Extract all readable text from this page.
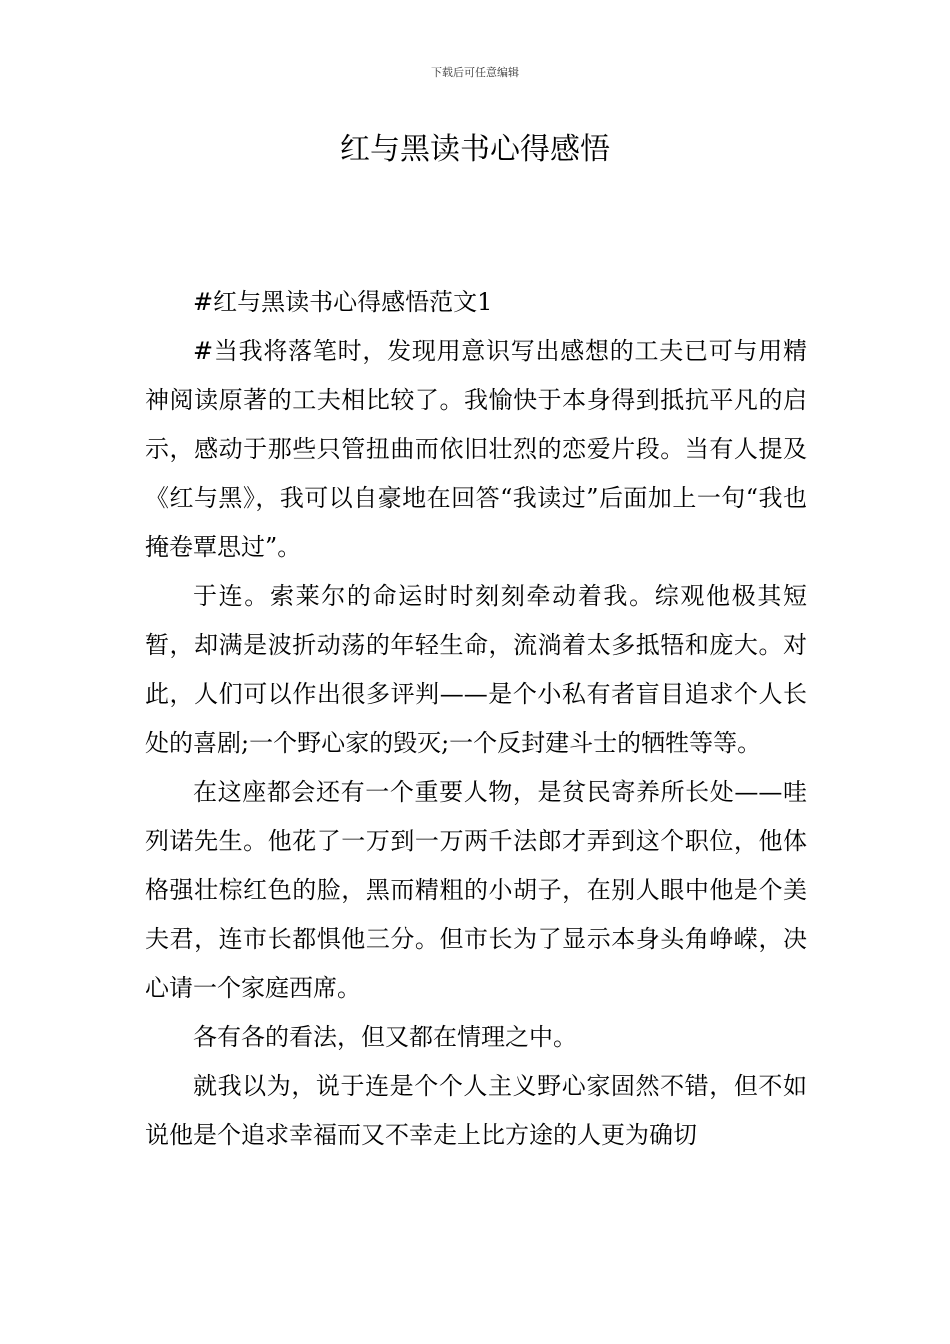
下载后可任意编辑
红与黑读书心得感悟

#红与黑读书心得感悟范文1

#当我将落笔时，发现用意识写出感想的工夫已可与用精神阅读原著的工夫相比较了。我愉快于本身得到抵抗平凡的启示，感动于那些只管扭曲而依旧壮烈的恋爱片段。当有人提及《红与黑》，我可以自豪地在回答“我读过”后面加上一句“我也掩卷覃思过”。

于连。索莱尔的命运时时刻刻牵动着我。综观他极其短暂，却满是波折动荡的年轻生命，流淌着太多抵牾和庞大。对此，人们可以作出很多评判——是个小私有者盲目追求个人长处的喜剧;一个野心家的毁灭;一个反封建斗士的牺牲等等。

在这座都会还有一个重要人物，是贫民寄养所长处——哇列诺先生。他花了一万到一万两千法郎才弄到这个职位，他体格强壮棕红色的脸，黑而精粗的小胡子，在别人眼中他是个美夫君，连市长都惧他三分。但市长为了显示本身头角峥嵘，决心请一个家庭西席。

各有各的看法，但又都在情理之中。

就我以为，说于连是个个人主义野心家固然不错，但不如说他是个追求幸福而又不幸走上比方途的人更为确切
